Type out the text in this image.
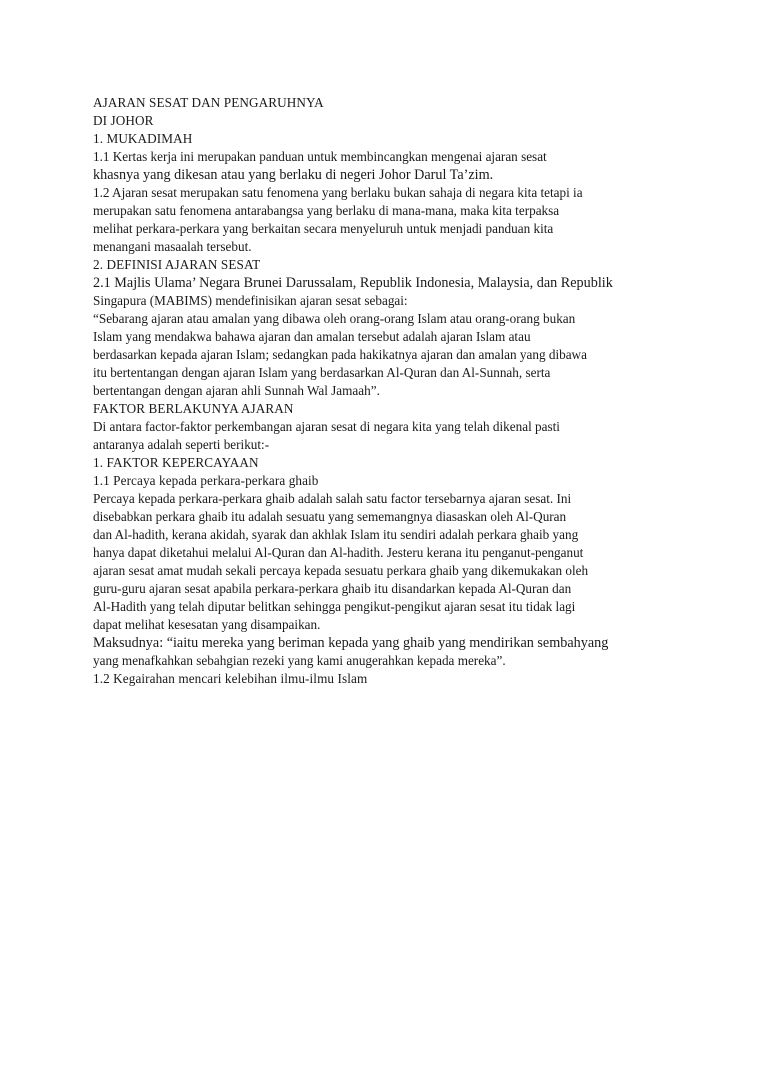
AJARAN SESAT DAN PENGARUHNYA
DI JOHOR

1. MUKADIMAH

1.1 Kertas kerja ini merupakan panduan untuk membincangkan mengenai ajaran sesat
khasnya yang dikesan atau yang berlaku di negeri Johor Darul Ta’zim.

1.2 Ajaran sesat merupakan satu fenomena yang berlaku bukan sahaja di negara kita tetapi ia
merupakan satu fenomena antarabangsa yang berlaku di mana-mana, maka kita terpaksa
melihat perkara-perkara yang berkaitan secara menyeluruh untuk menjadi panduan kita
menangani masaalah tersebut.

2. DEFINISI AJARAN SESAT

2.1 Majlis Ulama’ Negara Brunei Darussalam, Republik Indonesia, Malaysia, dan Republik
Singapura (MABIMS) mendefinisikan ajaran sesat sebagai:
“Sebarang ajaran atau amalan yang dibawa oleh orang-orang Islam atau orang-orang bukan
Islam yang mendakwa bahawa ajaran dan amalan tersebut adalah ajaran Islam atau
berdasarkan kepada ajaran Islam; sedangkan pada hakikatnya ajaran dan amalan yang dibawa
itu bertentangan dengan ajaran Islam yang berdasarkan Al-Quran dan Al-Sunnah, serta
bertentangan dengan ajaran ahli Sunnah Wal Jamaah”.

FAKTOR BERLAKUNYA AJARAN

Di antara factor-faktor perkembangan ajaran sesat di negara kita yang telah dikenal pasti
antaranya adalah seperti berikut:-

1. FAKTOR KEPERCAYAAN

1.1 Percaya kepada perkara-perkara ghaib

Percaya kepada perkara-perkara ghaib adalah salah satu factor tersebarnya ajaran sesat. Ini
disebabkan perkara ghaib itu adalah sesuatu yang sememangnya diasaskan oleh Al-Quran
dan Al-hadith, kerana akidah, syarak dan akhlak Islam itu sendiri adalah perkara ghaib yang
hanya dapat diketahui melalui Al-Quran dan Al-hadith. Jesteru kerana itu penganut-penganut
ajaran sesat amat mudah sekali percaya kepada sesuatu perkara ghaib yang dikemukakan oleh
guru-guru ajaran sesat apabila perkara-perkara ghaib itu disandarkan kepada Al-Quran dan
Al-Hadith yang telah diputar belitkan sehingga pengikut-pengikut ajaran sesat itu tidak lagi
dapat melihat kesesatan yang disampaikan.

Maksudnya: “iaitu mereka yang beriman kepada yang ghaib yang mendirikan sembahyang
yang menafkahkan sebahgian rezeki yang kami anugerahkan kepada mereka”.

1.2 Kegairahan mencari kelebihan ilmu-ilmu Islam
